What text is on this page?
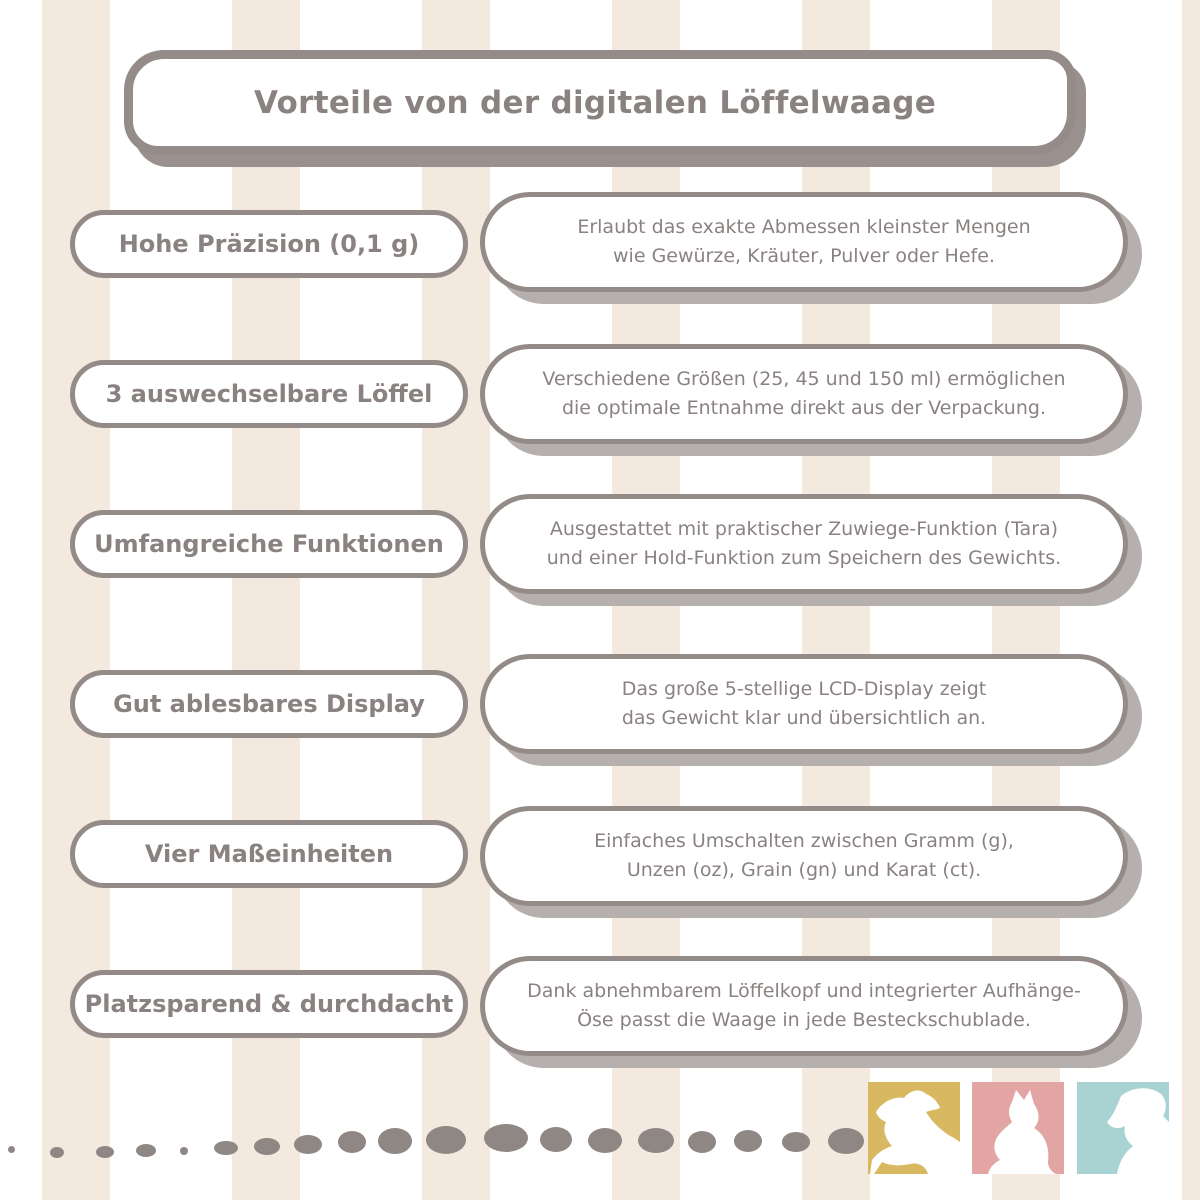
Vorteile von der digitalen Löffelwaage
Hohe Präzision (0,1 g)
Erlaubt das exakte Abmessen kleinster Mengen
wie Gewürze, Kräuter, Pulver oder Hefe.
3 auswechselbare Löffel
Verschiedene Größen (25, 45 und 150 ml) ermöglichen
die optimale Entnahme direkt aus der Verpackung.
Umfangreiche Funktionen
Ausgestattet mit praktischer Zuwiege-Funktion (Tara)
und einer Hold-Funktion zum Speichern des Gewichts.
Gut ablesbares Display
Das große 5-stellige LCD-Display zeigt
das Gewicht klar und übersichtlich an.
Vier Maßeinheiten	Einfaches Umschalten zwischen Gramm (g),
Unzen (oz), Grain (gn) und Karat (ct).
Platzsparend & durchdacht	Dank abnehmbarem Löffelkopf und integrierter Aufhänge-
Öse passt die Waage in jede Besteckschublade.
